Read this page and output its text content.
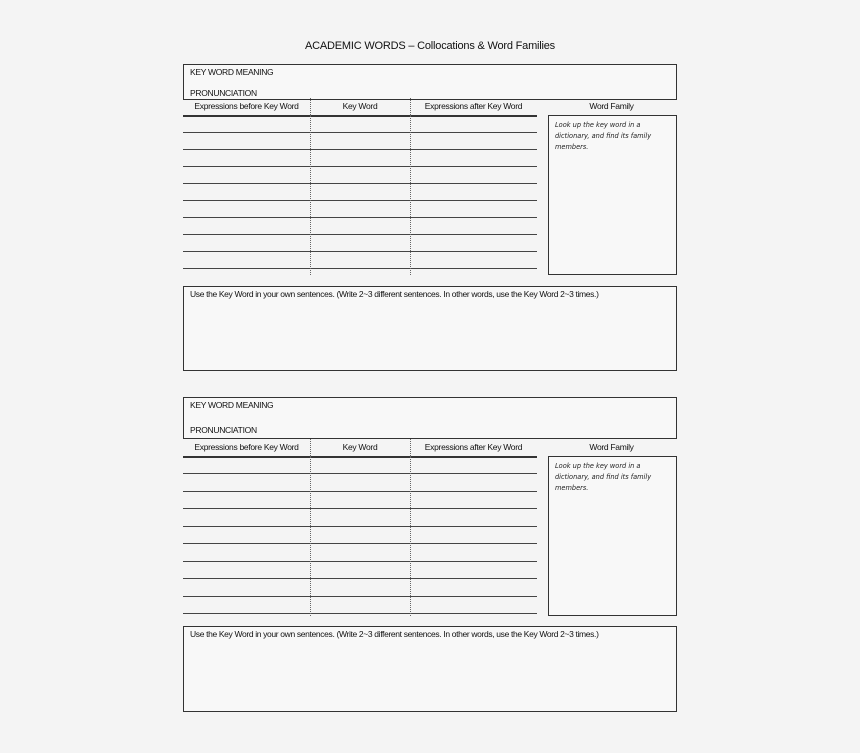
ACADEMIC WORDS – Collocations & Word Families
KEY WORD MEANING
PRONUNCIATION
Expressions before Key Word	Key Word	Expressions after Key Word	Word Family
Look up the key word in a dictionary, and find its family members.
Use the Key Word in your own sentences. (Write 2~3 different sentences. In other words, use the Key Word 2~3 times.)
KEY WORD MEANING
PRONUNCIATION
Expressions before Key Word	Key Word	Expressions after Key Word	Word Family
Look up the key word in a dictionary, and find its family members.
Use the Key Word in your own sentences. (Write 2~3 different sentences. In other words, use the Key Word 2~3 times.)
